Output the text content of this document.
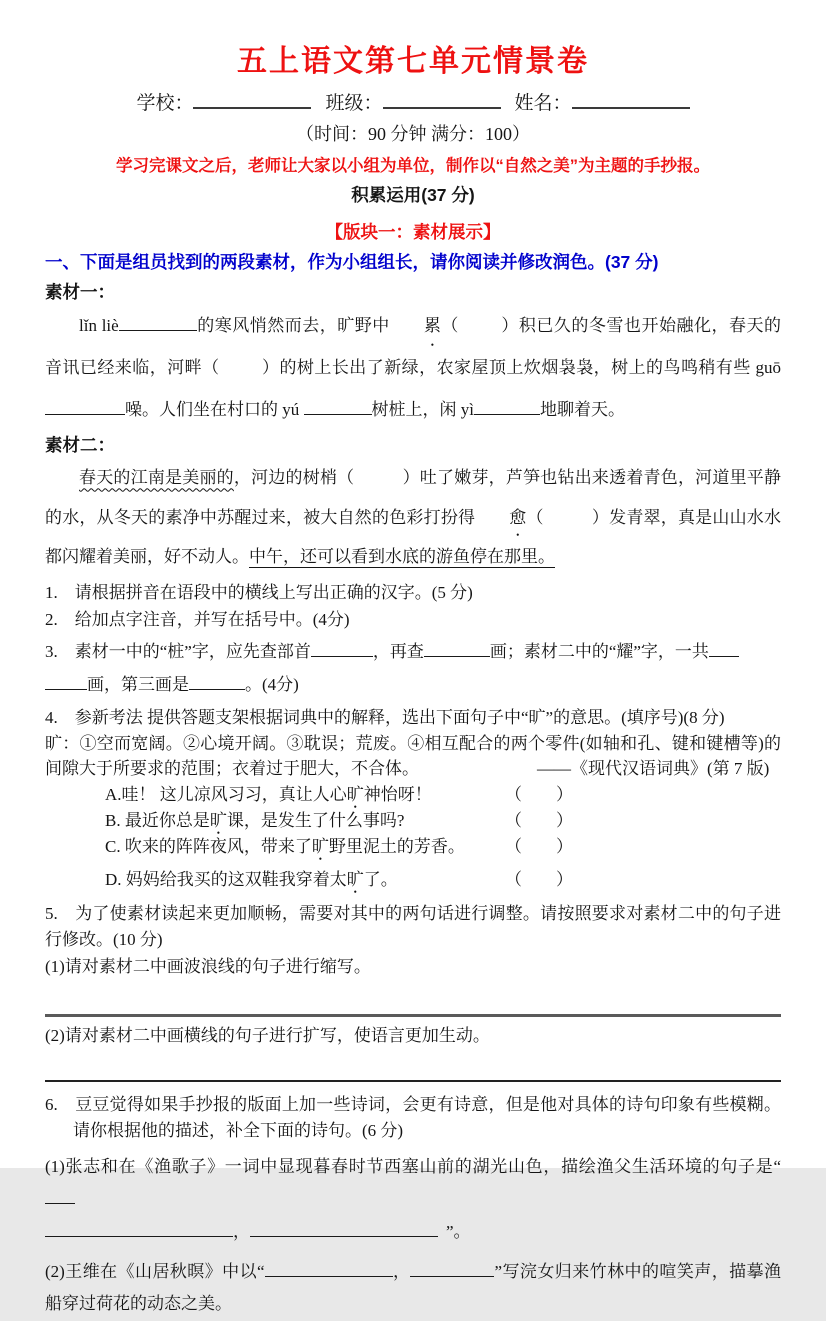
五上语文第七单元情景卷
学校：	班级：	姓名：
（时间：90 分钟 满分：100）
学习完课文之后，老师让大家以小组为单位，制作以“自然之美”为主题的手抄报。
积累运用(37 分)
【版块一：素材展示】
一、下面是组员找到的两段素材，作为小组组长，请你阅读并修改润色。(37 分)
素材一：
lǐn liè	的寒风悄然而去，旷野中 累（ ）积已久的冬雪也开始融化，春天的音讯已经来临，河畔（ ）的树上长出了新绿，农家屋顶上炊烟袅袅，树上的鸟鸣稍有些 guō 噪。人们坐在村口的 yú	树桩上，闲 yì	地聊着天。
素材二：
春天的江南是美丽的，河边的树梢（	）吐了嫩芽，芦笋也钻出来透着青色，河道里平静的水，从冬天的素净中苏醒过来，被大自然的色彩打扮得 愈（	）发青翠，真是山山水水都闪耀着美丽，好不动人。中午，还可以看到水底的游鱼停在那里。
1.　请根据拼音在语段中的横线上写出正确的汉字。(5 分)
2.　给加点字注音，并写在括号中。(4分)
3.　素材一中的“桩”字，应先查部首	，再查	画；素材二中的“耀”字，一共
画，第三画是	。(4分)
4.　参新考法 提供答题支架根据词典中的解释，选出下面句子中“旷”的意思。(填序号)(8 分)
旷：①空而宽阔。②心境开阔。③耽误；荒废。④相互配合的两个零件(如轴和孔、键和键槽等)的间隙大于所要求的范围；衣着过于肥大，不合体。	——《现代汉语词典》(第 7 版)
A.哇！ 这儿凉风习习，真让人心旷神怡呀！	（　　）
B. 最近你总是旷课，是发生了什么事吗?	（　　）
C. 吹来的阵阵夜风，带来了旷野里泥土的芳香。	（　　）
D. 妈妈给我买的这双鞋我穿着太旷了。	（　　）
5.　为了使素材读起来更加顺畅，需要对其中的两句话进行调整。请按照要求对素材二中的句子进行修改。(10 分)
(1)请对素材二中画波浪线的句子进行缩写。
(2)请对素材二中画横线的句子进行扩写，使语言更加生动。
6.　豆豆觉得如果手抄报的版面上加一些诗词，会更有诗意，但是他对具体的诗句印象有些模糊。请你根据他的描述，补全下面的诗句。(6 分)
(1)张志和在《渔歌子》一词中显现暮春时节西塞山前的湖光山色，描绘渔父生活环境的句子是“
，	”。
(2)王维在《山居秋暝》中以“	，	”写浣女归来竹林中的喧笑声，描摹渔船穿过荷花的动态之美。
